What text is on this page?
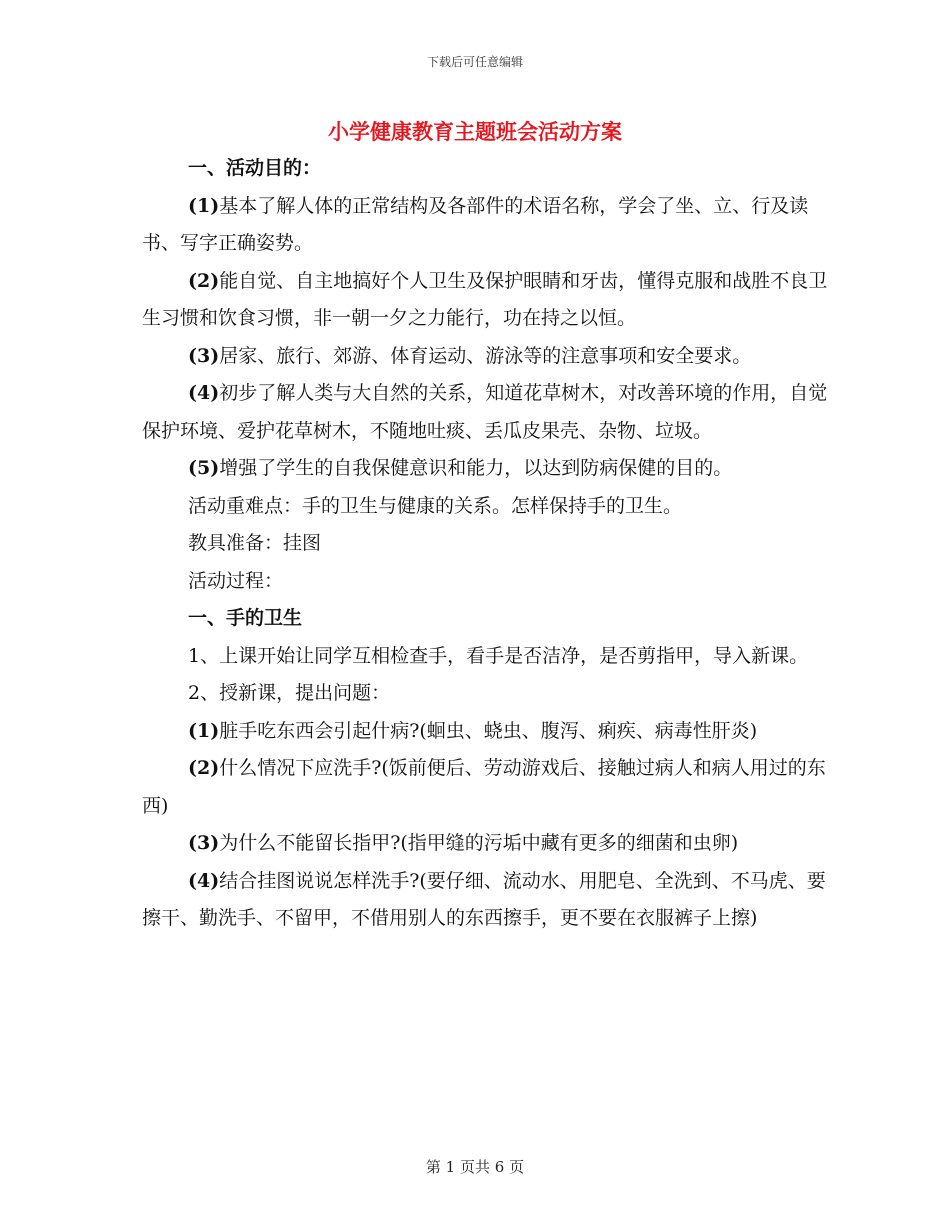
下载后可任意编辑
小学健康教育主题班会活动方案

一、活动目的：

(1)基本了解人体的正常结构及各部件的术语名称，学会了坐、立、行及读书、写字正确姿势。

(2)能自觉、自主地搞好个人卫生及保护眼睛和牙齿，懂得克服和战胜不良卫生习惯和饮食习惯，非一朝一夕之力能行，功在持之以恒。

(3)居家、旅行、郊游、体育运动、游泳等的注意事项和安全要求。

(4)初步了解人类与大自然的关系，知道花草树木，对改善环境的作用，自觉保护环境、爱护花草树木，不随地吐痰、丢瓜皮果壳、杂物、垃圾。

(5)增强了学生的自我保健意识和能力，以达到防病保健的目的。

活动重难点：手的卫生与健康的关系。怎样保持手的卫生。

教具准备：挂图

活动过程：

一、手的卫生

1、上课开始让同学互相检查手，看手是否洁净，是否剪指甲，导入新课。

2、授新课，提出问题：

(1)脏手吃东西会引起什病?(蛔虫、蛲虫、腹泻、痢疾、病毒性肝炎)

(2)什么情况下应洗手?(饭前便后、劳动游戏后、接触过病人和病人用过的东西)

(3)为什么不能留长指甲?(指甲缝的污垢中藏有更多的细菌和虫卵)

(4)结合挂图说说怎样洗手?(要仔细、流动水、用肥皂、全洗到、不马虎、要擦干、勤洗手、不留甲，不借用别人的东西擦手，更不要在衣服裤子上擦)

第 1 页共 6 页
